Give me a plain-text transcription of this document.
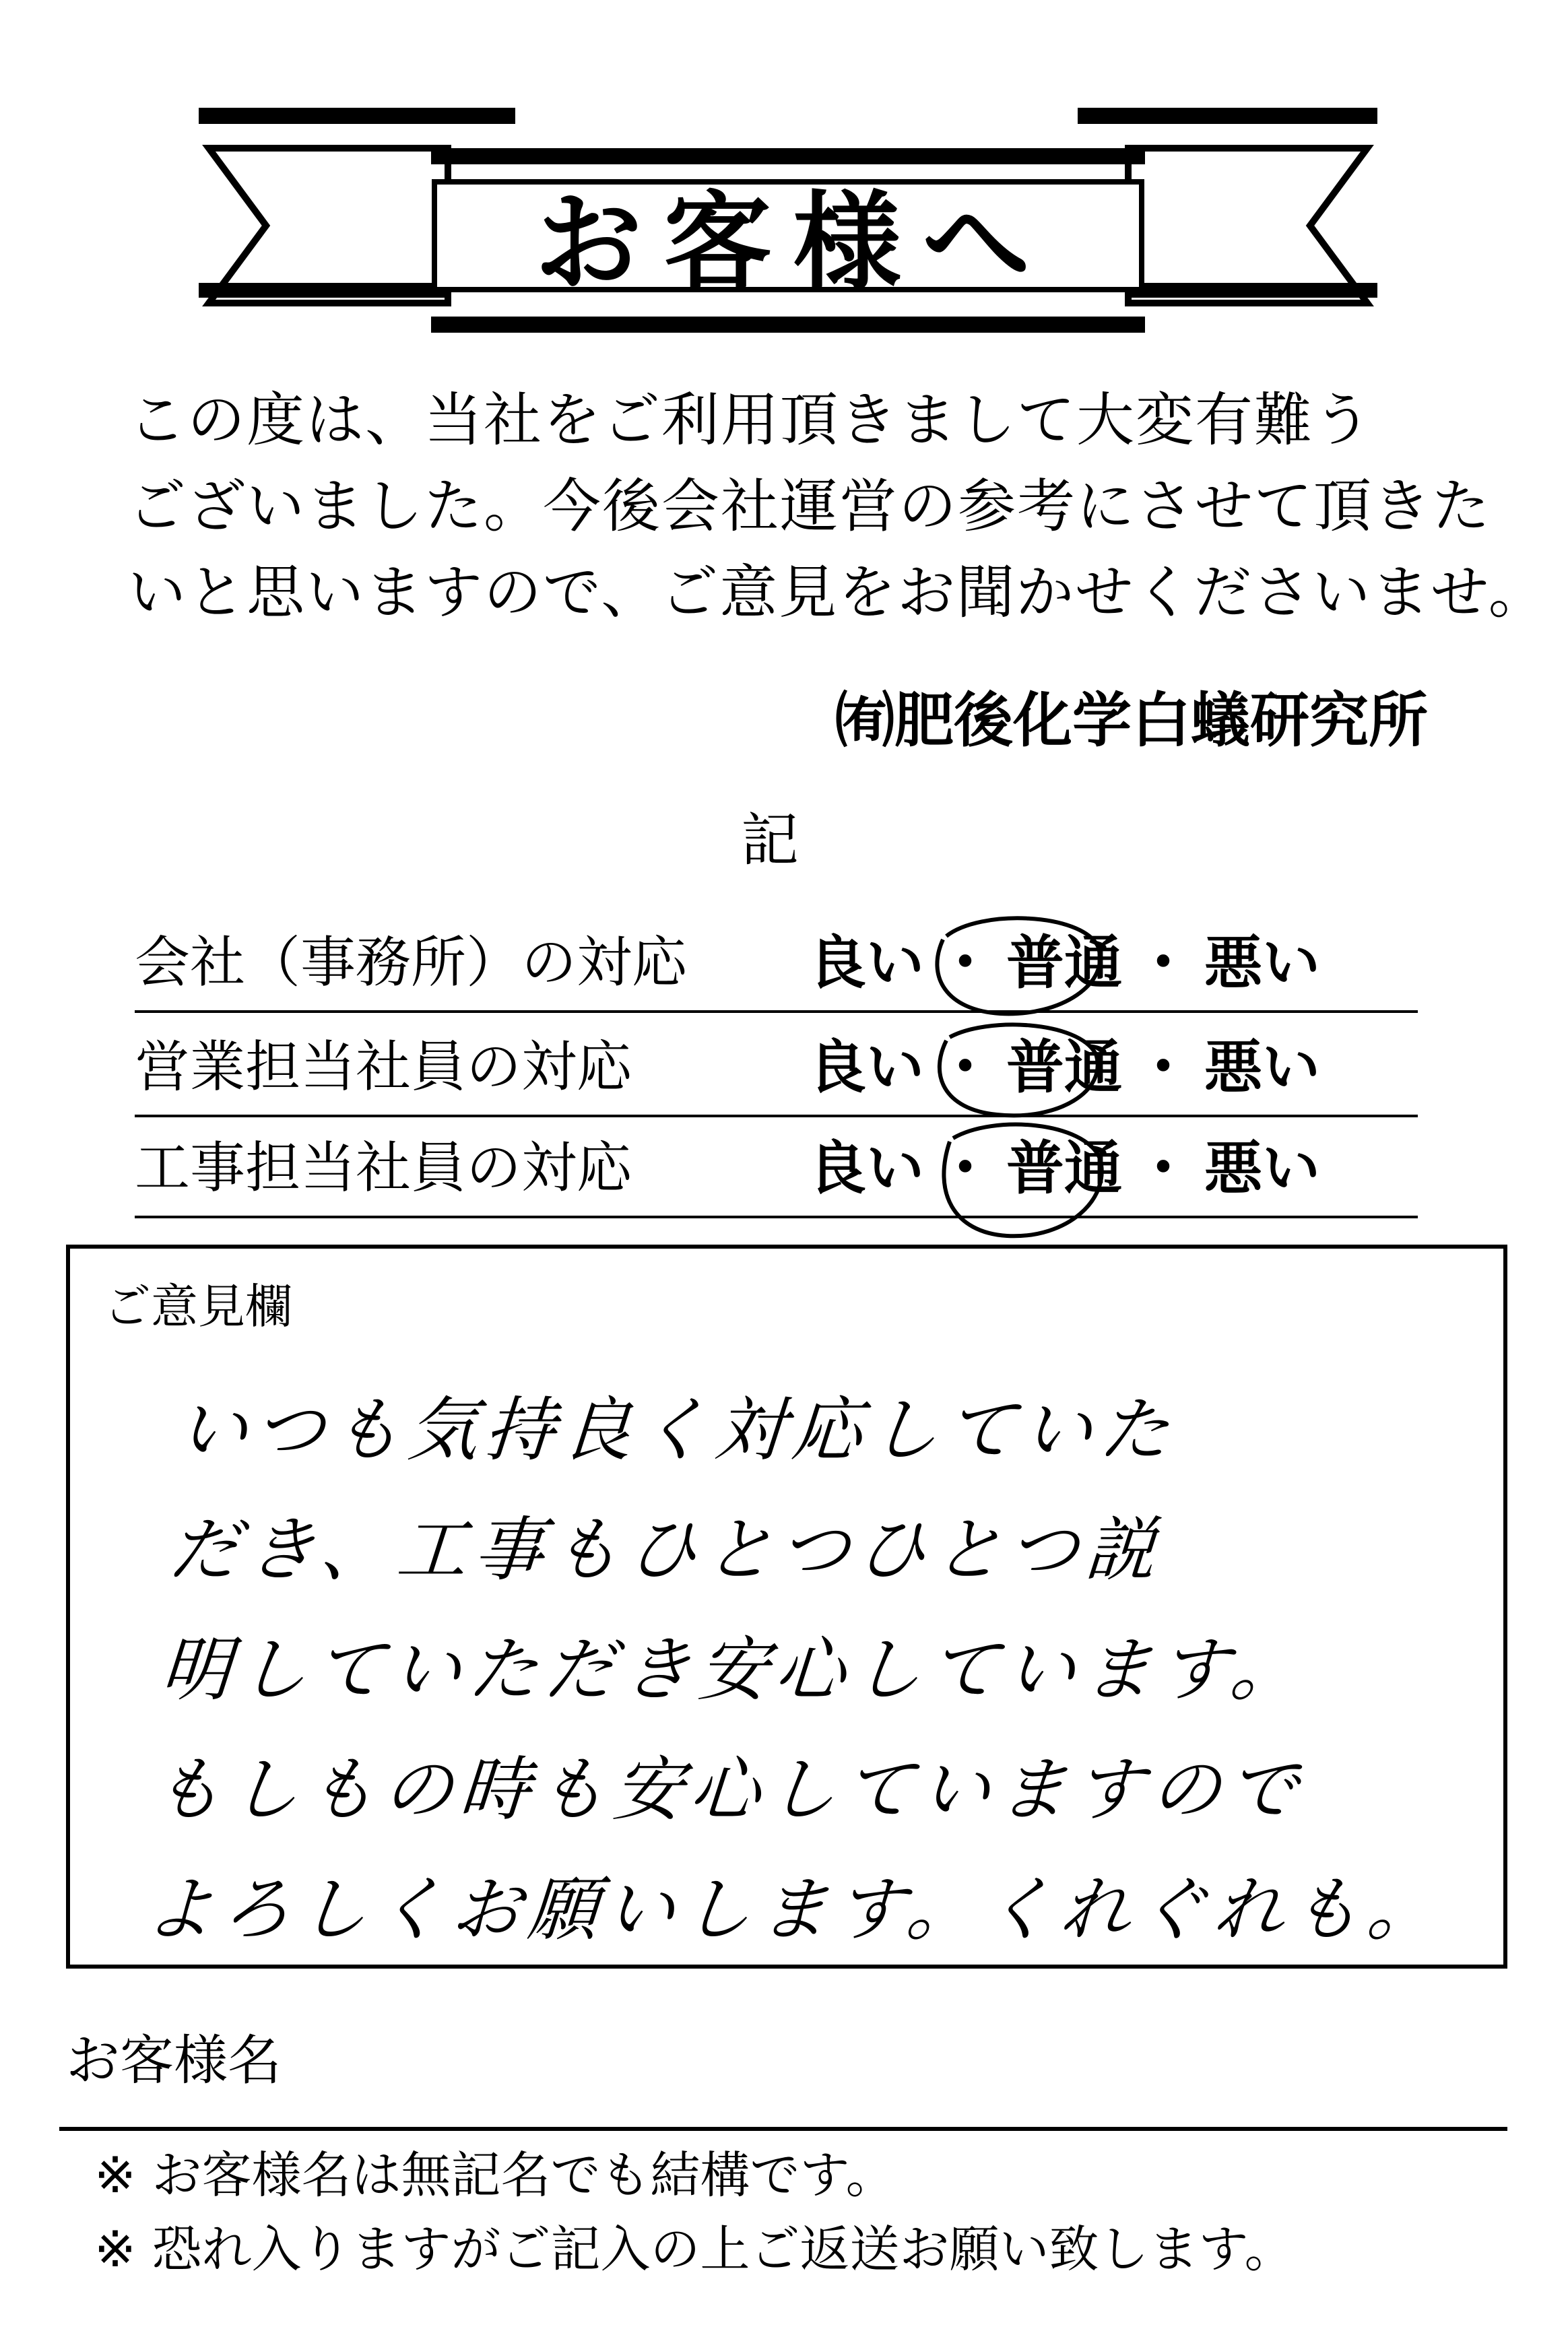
お客様へ
この度は、当社をご利用頂きまして大変有難う
ございました。今後会社運営の参考にさせて頂きた
いと思いますので、ご意見をお聞かせくださいませ。
㈲肥後化学白蟻研究所
記
会社（事務所）の対応 良い ・ 普通 ・ 悪い
営業担当社員の対応	良い ・ 普通 ・ 悪い
工事担当社員の対応	良い ・ 普通 ・ 悪い
ご意見欄
いつも気持良く対応していた
だき、工事もひとつひとつ説
明していただき安心しています。
もしもの時も安心していますので
よろしくお願いします。くれぐれも。
お客様名
※ お客様名は無記名でも結構です。
※ 恐れ入りますがご記入の上ご返送お願い致します。
